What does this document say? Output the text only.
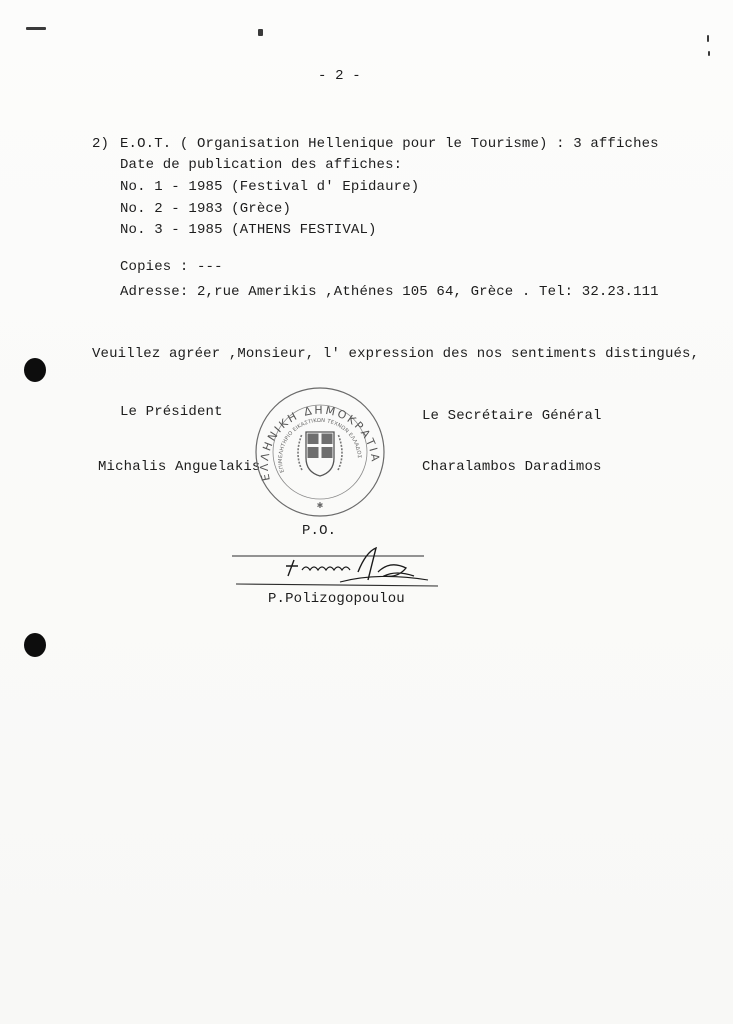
- 2 -
2) E.O.T. ( Organisation Hellenique pour le Tourisme) : 3 affiches
Date de publication des affiches:
No. 1 - 1985 (Festival d' Epidaure)
No. 2 - 1983 (Grèce)
No. 3 - 1985 (ATHENS FESTIVAL)
Copies : ---
Adresse: 2,rue Amerikis ,Athénes 105 64, Grèce . Tel: 32.23.111
Veuillez agréer ,Monsieur, l' expression des nos sentiments distingués,
Le Président	Le Secrétaire Général
Michalis Anguelakis	Charalambos Daradimos
ΕΛΛΗΝΙΚΗ ΔΗΜΟΚΡΑΤΙΑ
ΕΠΙΜΕΛΗΤΗΡΙΟ ΕΙΚΑΣΤΙΚΩΝ ΤΕΧΝΩΝ ΕΛΛΑΔΟΣ
✱
P.O.
P.Polizogopoulou
